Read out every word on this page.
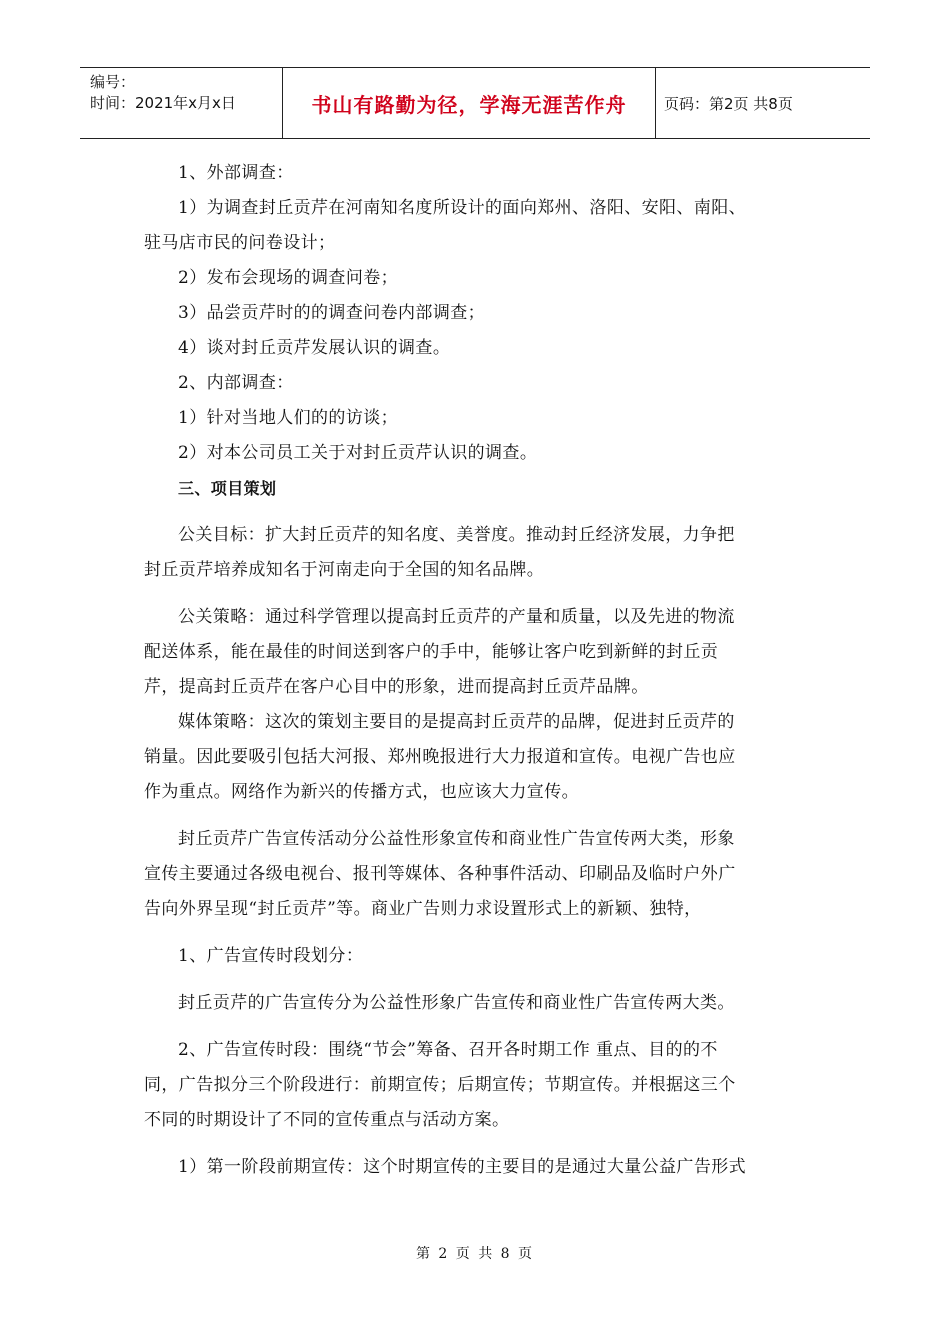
编号：
时间：2021年x月x日	书山有路勤为径，学海无涯苦作舟	页码：第2页 共8页

1、外部调查：

1）为调查封丘贡芹在河南知名度所设计的面向郑州、洛阳、安阳、南阳、

驻马店市民的问卷设计；

2）发布会现场的调查问卷；

3）品尝贡芹时的的调查问卷内部调查；

4）谈对封丘贡芹发展认识的调查。

2、内部调查：

1）针对当地人们的的访谈；

2）对本公司员工关于对封丘贡芹认识的调查。

三、项目策划

公关目标：扩大封丘贡芹的知名度、美誉度。推动封丘经济发展，力争把

封丘贡芹培养成知名于河南走向于全国的知名品牌。

公关策略：通过科学管理以提高封丘贡芹的产量和质量，以及先进的物流

配送体系，能在最佳的时间送到客户的手中，能够让客户吃到新鲜的封丘贡

芹，提高封丘贡芹在客户心目中的形象，进而提高封丘贡芹品牌。

媒体策略：这次的策划主要目的是提高封丘贡芹的品牌，促进封丘贡芹的

销量。因此要吸引包括大河报、郑州晚报进行大力报道和宣传。电视广告也应

作为重点。网络作为新兴的传播方式，也应该大力宣传。

封丘贡芹广告宣传活动分公益性形象宣传和商业性广告宣传两大类，形象

宣传主要通过各级电视台、报刊等媒体、各种事件活动、印刷品及临时户外广

告向外界呈现“封丘贡芹”等。商业广告则力求设置形式上的新颖、独特，

1、广告宣传时段划分：

封丘贡芹的广告宣传分为公益性形象广告宣传和商业性广告宣传两大类。

2、广告宣传时段：围绕“节会”筹备、召开各时期工作 重点、目的的不

同，广告拟分三个阶段进行：前期宣传；后期宣传；节期宣传。并根据这三个

不同的时期设计了不同的宣传重点与活动方案。

1）第一阶段前期宣传：这个时期宣传的主要目的是通过大量公益广告形式

第 2 页 共 8 页
